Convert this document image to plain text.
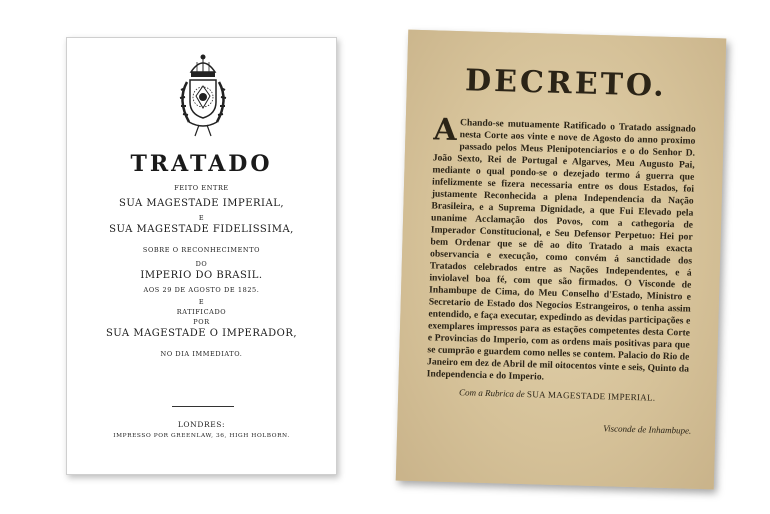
TRATADO
FEITO ENTRE
SUA MAGESTADE IMPERIAL,
E
SUA MAGESTADE FIDELISSIMA,
SOBRE O RECONHECIMENTO
DO
IMPERIO DO BRASIL.
AOS 29 DE AGOSTO DE 1825.
E
RATIFICADO
POR
SUA MAGESTADE O IMPERADOR,
NO DIA IMMEDIATO.
LONDRES:
IMPRESSO POR GREENLAW, 36, HIGH HOLBORN.
DECRETO.
A Chando-se mutuamente Ratificado o Tratado assignado nesta Corte aos vinte e nove de Agosto do anno proximo passado pelos Meus Plenipotenciarios e o do Senhor D. João Sexto, Rei de Portugal e Algarves, Meu Augusto Pai, mediante o qual pondo-se o dezejado termo á guerra que infelizmente se fizera necessaria entre os dous Estados, foi justamente Reconhecida a plena Independencia da Nação Brasileira, e a Suprema Dignidade, a que Fui Elevado pela unanime Acclamação dos Povos, com a cathegoria de Imperador Constitucional, e Seu Defensor Perpetuo: Hei por bem Ordenar que se dê ao dito Tratado a mais exacta observancia e execução, como convém á sanctidade dos Tratados celebrados entre as Nações Independentes, e á inviolavel boa fé, com que são firmados. O Visconde de Inhambupe de Cima, do Meu Conselho d'Estado, Ministro e Secretario de Estado dos Negocios Estrangeiros, o tenha assim entendido, e faça executar, expedindo as devidas participações e exemplares impressos para as estações competentes desta Corte e Provincias do Imperio, com as ordens mais positivas para que se cumprão e guardem como nelles se contem. Palacio do Rio de Janeiro em dez de Abril de mil oitocentos vinte e seis, Quinto da Independencia e do Imperio.
Com a Rubrica de SUA MAGESTADE IMPERIAL.
Visconde de Inhambupe.
